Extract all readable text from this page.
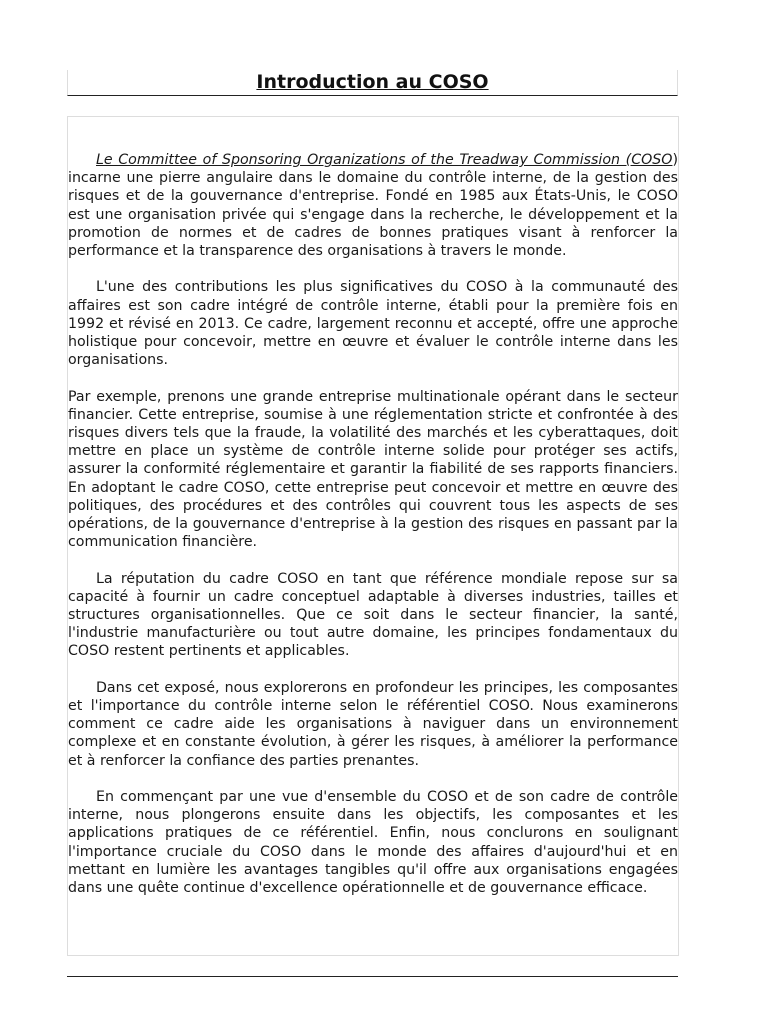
Introduction au COSO

Le Committee of Sponsoring Organizations of the Treadway Commission (COSO) incarne une pierre angulaire dans le domaine du contrôle interne, de la gestion des risques et de la gouvernance d'entreprise. Fondé en 1985 aux États-Unis, le COSO est une organisation privée qui s'engage dans la recherche, le développement et la promotion de normes et de cadres de bonnes pratiques visant à renforcer la performance et la transparence des organisations à travers le monde.

L'une des contributions les plus significatives du COSO à la communauté des affaires est son cadre intégré de contrôle interne, établi pour la première fois en 1992 et révisé en 2013. Ce cadre, largement reconnu et accepté, offre une approche holistique pour concevoir, mettre en œuvre et évaluer le contrôle interne dans les organisations.

Par exemple, prenons une grande entreprise multinationale opérant dans le secteur financier. Cette entreprise, soumise à une réglementation stricte et confrontée à des risques divers tels que la fraude, la volatilité des marchés et les cyberattaques, doit mettre en place un système de contrôle interne solide pour protéger ses actifs, assurer la conformité réglementaire et garantir la fiabilité de ses rapports financiers. En adoptant le cadre COSO, cette entreprise peut concevoir et mettre en œuvre des politiques, des procédures et des contrôles qui couvrent tous les aspects de ses opérations, de la gouvernance d'entreprise à la gestion des risques en passant par la communication financière.

La réputation du cadre COSO en tant que référence mondiale repose sur sa capacité à fournir un cadre conceptuel adaptable à diverses industries, tailles et structures organisationnelles. Que ce soit dans le secteur financier, la santé, l'industrie manufacturière ou tout autre domaine, les principes fondamentaux du COSO restent pertinents et applicables.

Dans cet exposé, nous explorerons en profondeur les principes, les composantes et l'importance du contrôle interne selon le référentiel COSO. Nous examinerons comment ce cadre aide les organisations à naviguer dans un environnement complexe et en constante évolution, à gérer les risques, à améliorer la performance et à renforcer la confiance des parties prenantes.

En commençant par une vue d'ensemble du COSO et de son cadre de contrôle interne, nous plongerons ensuite dans les objectifs, les composantes et les applications pratiques de ce référentiel. Enfin, nous conclurons en soulignant l'importance cruciale du COSO dans le monde des affaires d'aujourd'hui et en mettant en lumière les avantages tangibles qu'il offre aux organisations engagées dans une quête continue d'excellence opérationnelle et de gouvernance efficace.
